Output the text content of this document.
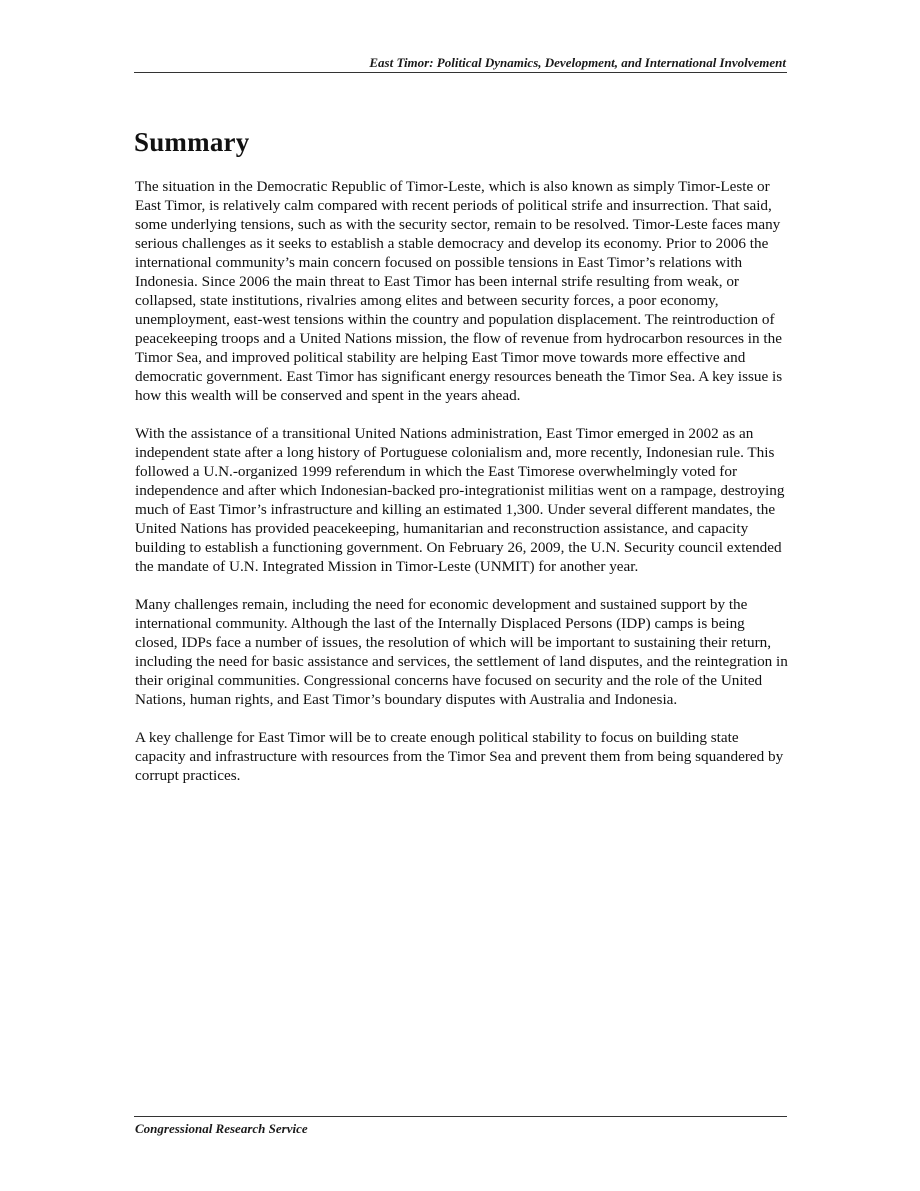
East Timor: Political Dynamics, Development, and International Involvement
Summary

The situation in the Democratic Republic of Timor-Leste, which is also known as simply Timor-Leste or East Timor, is relatively calm compared with recent periods of political strife and insurrection. That said, some underlying tensions, such as with the security sector, remain to be resolved. Timor-Leste faces many serious challenges as it seeks to establish a stable democracy and develop its economy. Prior to 2006 the international community’s main concern focused on possible tensions in East Timor’s relations with Indonesia. Since 2006 the main threat to East Timor has been internal strife resulting from weak, or collapsed, state institutions, rivalries among elites and between security forces, a poor economy, unemployment, east-west tensions within the country and population displacement. The reintroduction of peacekeeping troops and a United Nations mission, the flow of revenue from hydrocarbon resources in the Timor Sea, and improved political stability are helping East Timor move towards more effective and democratic government. East Timor has significant energy resources beneath the Timor Sea. A key issue is how this wealth will be conserved and spent in the years ahead.

With the assistance of a transitional United Nations administration, East Timor emerged in 2002 as an independent state after a long history of Portuguese colonialism and, more recently, Indonesian rule. This followed a U.N.-organized 1999 referendum in which the East Timorese overwhelmingly voted for independence and after which Indonesian-backed pro-integrationist militias went on a rampage, destroying much of East Timor’s infrastructure and killing an estimated 1,300. Under several different mandates, the United Nations has provided peacekeeping, humanitarian and reconstruction assistance, and capacity building to establish a functioning government. On February 26, 2009, the U.N. Security council extended the mandate of U.N. Integrated Mission in Timor-Leste (UNMIT) for another year.

Many challenges remain, including the need for economic development and sustained support by the international community. Although the last of the Internally Displaced Persons (IDP) camps is being closed, IDPs face a number of issues, the resolution of which will be important to sustaining their return, including the need for basic assistance and services, the settlement of land disputes, and the reintegration in their original communities. Congressional concerns have focused on security and the role of the United Nations, human rights, and East Timor’s boundary disputes with Australia and Indonesia.

A key challenge for East Timor will be to create enough political stability to focus on building state capacity and infrastructure with resources from the Timor Sea and prevent them from being squandered by corrupt practices.

Congressional Research Service
